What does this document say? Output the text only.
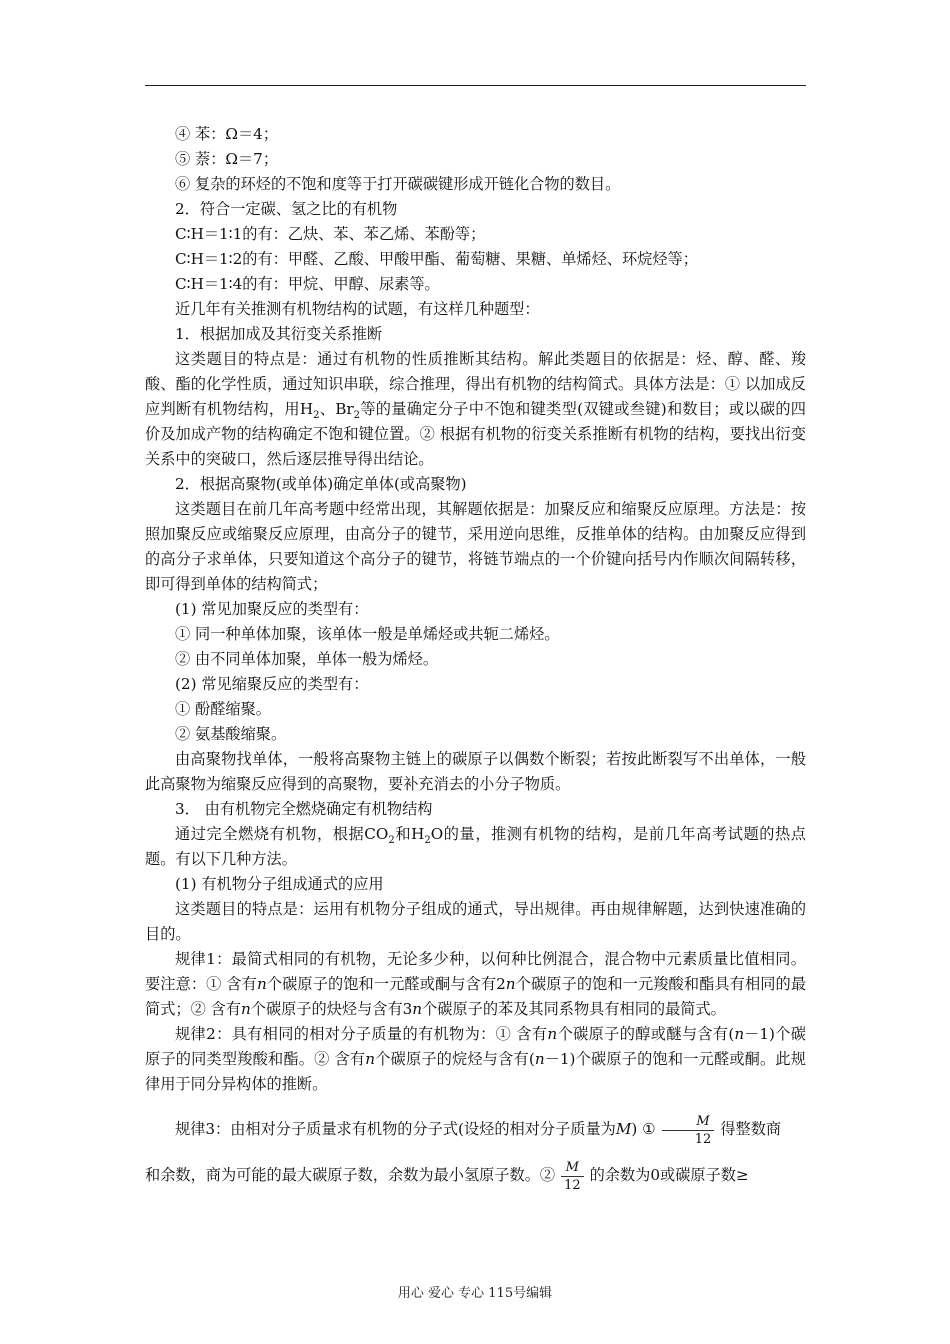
④ 苯：Ω＝4；

⑤ 萘：Ω＝7；

⑥ 复杂的环烃的不饱和度等于打开碳碳键形成开链化合物的数目。

2．符合一定碳、氢之比的有机物

C∶H＝1∶1的有：乙炔、苯、苯乙烯、苯酚等；

C∶H＝1∶2的有：甲醛、乙酸、甲酸甲酯、葡萄糖、果糖、单烯烃、环烷烃等；

C∶H＝1∶4的有：甲烷、甲醇、尿素等。

近几年有关推测有机物结构的试题，有这样几种题型：

1．根据加成及其衍变关系推断

这类题目的特点是：通过有机物的性质推断其结构。解此类题目的依据是：烃、醇、醛、羧酸、酯的化学性质，通过知识串联，综合推理，得出有机物的结构简式。具体方法是：① 以加成反应判断有机物结构，用$H_2$、$Br_2$等的量确定分子中不饱和键类型(双键或叁键)和数目；或以碳的四价及加成产物的结构确定不饱和键位置。② 根据有机物的衍变关系推断有机物的结构，要找出衍变关系中的突破口，然后逐层推导得出结论。

2．根据高聚物(或单体)确定单体(或高聚物)

这类题目在前几年高考题中经常出现，其解题依据是：加聚反应和缩聚反应原理。方法是：按照加聚反应或缩聚反应原理，由高分子的键节，采用逆向思维，反推单体的结构。由加聚反应得到的高分子求单体，只要知道这个高分子的键节，将链节端点的一个价键向括号内作顺次间隔转移，即可得到单体的结构简式；

(1) 常见加聚反应的类型有：

① 同一种单体加聚，该单体一般是单烯烃或共轭二烯烃。

② 由不同单体加聚，单体一般为烯烃。

(2) 常见缩聚反应的类型有：

① 酚醛缩聚。

② 氨基酸缩聚。

由高聚物找单体，一般将高聚物主链上的碳原子以偶数个断裂；若按此断裂写不出单体，一般此高聚物为缩聚反应得到的高聚物，要补充消去的小分子物质。

3． 由有机物完全燃烧确定有机物结构

通过完全燃烧有机物，根据$CO_2$和$H_2O$的量，推测有机物的结构，是前几年高考试题的热点题。有以下几种方法。

(1) 有机物分子组成通式的应用

这类题目的特点是：运用有机物分子组成的通式，导出规律。再由规律解题，达到快速准确的目的。

规律1：最简式相同的有机物，无论多少种，以何种比例混合，混合物中元素质量比值相同。要注意：① 含有n个碳原子的饱和一元醛或酮与含有2n个碳原子的饱和一元羧酸和酯具有相同的最简式；② 含有n个碳原子的炔烃与含有3n个碳原子的苯及其同系物具有相同的最简式。

规律2：具有相同的相对分子质量的有机物为：① 含有n个碳原子的醇或醚与含有(n－1)个碳原子的同类型羧酸和酯。② 含有n个碳原子的烷烃与含有(n－1)个碳原子的饱和一元醛或酮。此规律用于同分异构体的推断。

规律3：由相对分子质量求有机物的分子式(设烃的相对分子质量为M) ① $\frac{M}{12}$ 得整数商

和余数，商为可能的最大碳原子数，余数为最小氢原子数。② $\frac{M}{12}$ 的余数为0或碳原子数≥

用心 爱心 专心 115号编辑
